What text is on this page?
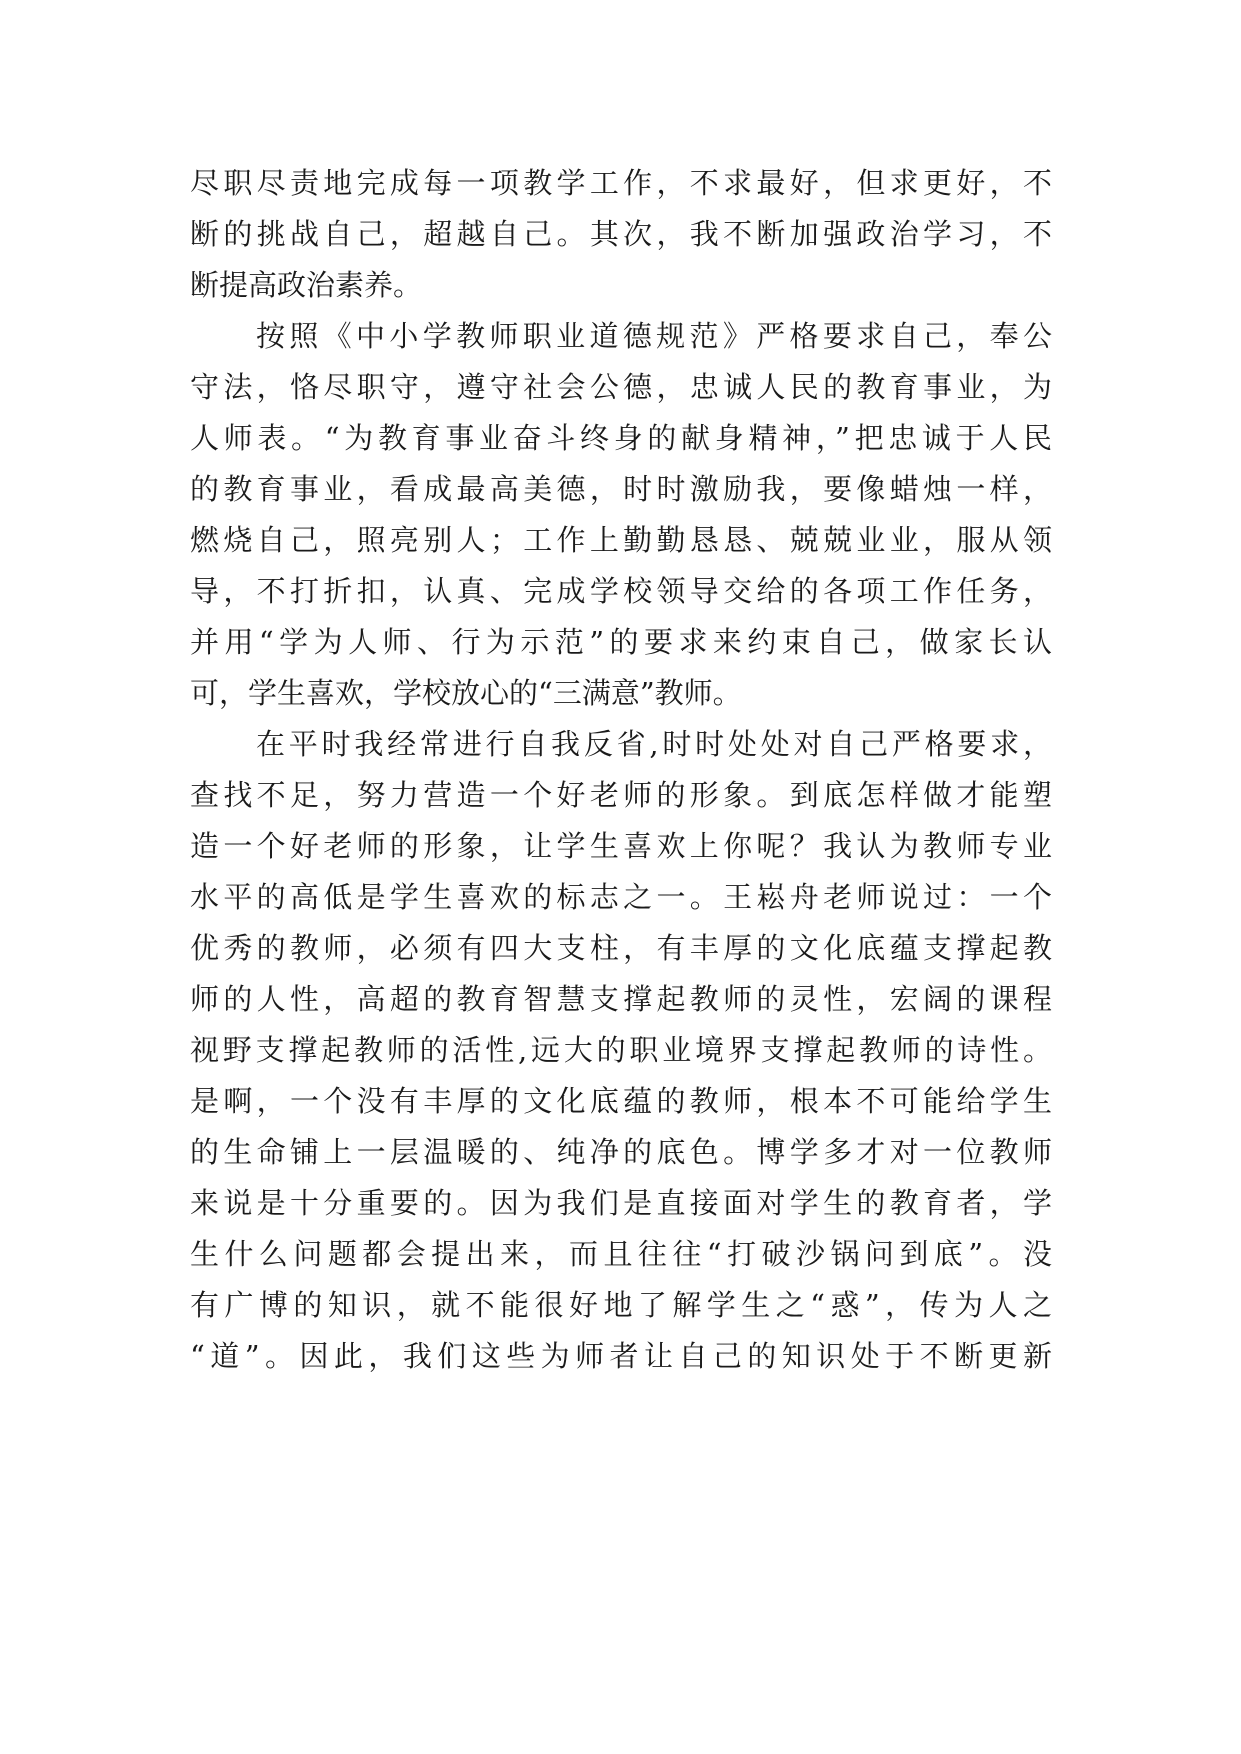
尽职尽责地完成每一项教学工作，不求最好，但求更好，不
断的挑战自己，超越自己。其次，我不断加强政治学习，不
断提高政治素养。
按照《中小学教师职业道德规范》严格要求自己，奉公
守法，恪尽职守，遵守社会公德，忠诚人民的教育事业，为
人师表。“为教育事业奋斗终身的献身精神，”把忠诚于人民
的教育事业，看成最高美德，时时激励我，要像蜡烛一样，
燃烧自己，照亮别人；工作上勤勤恳恳、兢兢业业，服从领
导，不打折扣，认真、完成学校领导交给的各项工作任务，
并用“学为人师、行为示范”的要求来约束自己，做家长认
可，学生喜欢，学校放心的“三满意”教师。
在平时我经常进行自我反省,时时处处对自己严格要求，
查找不足，努力营造一个好老师的形象。到底怎样做才能塑
造一个好老师的形象，让学生喜欢上你呢？我认为教师专业
水平的高低是学生喜欢的标志之一。王崧舟老师说过：一个
优秀的教师，必须有四大支柱，有丰厚的文化底蕴支撑起教
师的人性，高超的教育智慧支撑起教师的灵性，宏阔的课程
视野支撑起教师的活性,远大的职业境界支撑起教师的诗性。
是啊，一个没有丰厚的文化底蕴的教师，根本不可能给学生
的生命铺上一层温暖的、纯净的底色。博学多才对一位教师
来说是十分重要的。因为我们是直接面对学生的教育者，学
生什么问题都会提出来，而且往往“打破沙锅问到底”。没
有广博的知识，就不能很好地了解学生之“惑”，传为人之
“道”。因此，我们这些为师者让自己的知识处于不断更新
